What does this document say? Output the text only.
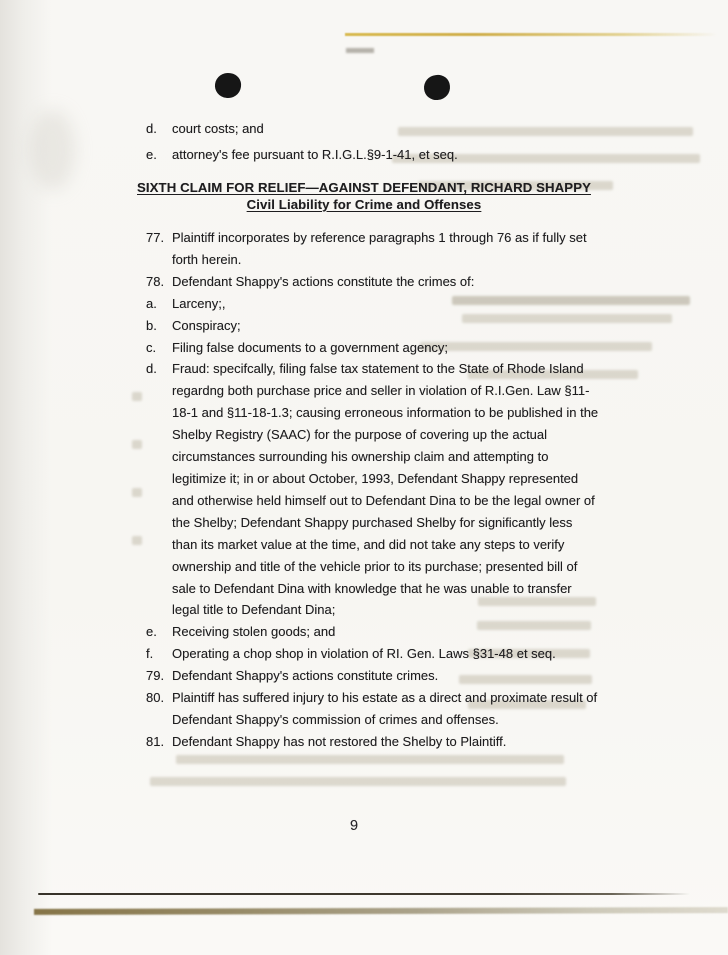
d.	court costs; and
e.	attorney's fee pursuant to R.I.G.L.§9-1-41, et seq.
SIXTH CLAIM FOR RELIEF—AGAINST DEFENDANT, RICHARD SHAPPY
Civil Liability for Crime and Offenses
77. Plaintiff incorporates by reference paragraphs 1 through 76 as if fully set
forth herein.
78. Defendant Shappy's actions constitute the crimes of:
a.	Larceny;,
b.	Conspiracy;
c.	Filing false documents to a government agency;
d.	Fraud: specifcally, filing false tax statement to the State of Rhode Island
regardng both purchase price and seller in violation of R.I.Gen. Law §11-
18-1 and §11-18-1.3; causing erroneous information to be published in the
Shelby Registry (SAAC) for the purpose of covering up the actual
circumstances surrounding his ownership claim and attempting to
legitimize it; in or about October, 1993, Defendant Shappy represented
and otherwise held himself out to Defendant Dina to be the legal owner of
the Shelby; Defendant Shappy purchased Shelby for significantly less
than its market value at the time, and did not take any steps to verify
ownership and title of the vehicle prior to its purchase; presented bill of
sale to Defendant Dina with knowledge that he was unable to transfer
legal title to Defendant Dina;
e.	Receiving stolen goods; and
f.	Operating a chop shop in violation of RI. Gen. Laws §31-48 et seq.
79. Defendant Shappy's actions constitute crimes.
80. Plaintiff has suffered injury to his estate as a direct and proximate result of
Defendant Shappy's commission of crimes and offenses.
81. Defendant Shappy has not restored the Shelby to Plaintiff.
9
